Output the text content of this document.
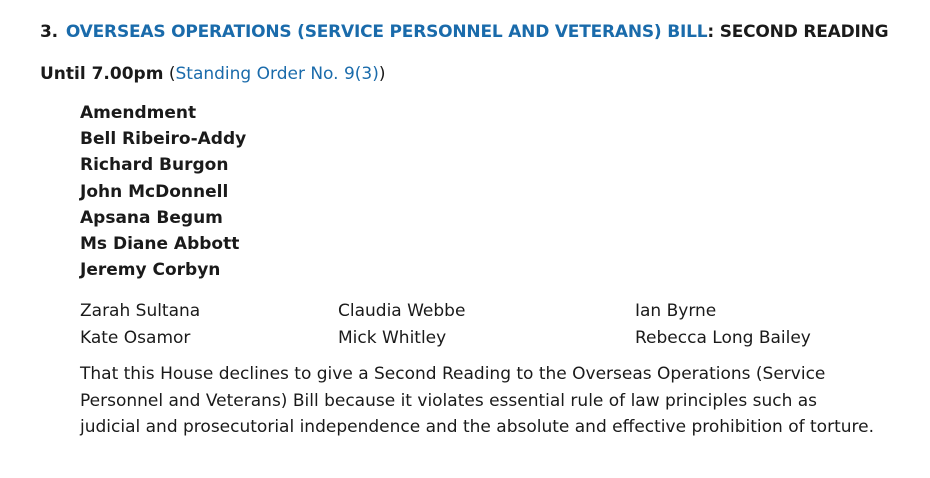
3. OVERSEAS OPERATIONS (SERVICE PERSONNEL AND VETERANS) BILL: SECOND READING
Until 7.00pm (Standing Order No. 9(3))
Amendment
Bell Ribeiro-Addy
Richard Burgon
John McDonnell
Apsana Begum
Ms Diane Abbott
Jeremy Corbyn
Zarah Sultana
Kate Osamor
Claudia Webbe
Mick Whitley
Ian Byrne
Rebecca Long Bailey
That this House declines to give a Second Reading to the Overseas Operations (Service Personnel and Veterans) Bill because it violates essential rule of law principles such as judicial and prosecutorial independence and the absolute and effective prohibition of torture.
